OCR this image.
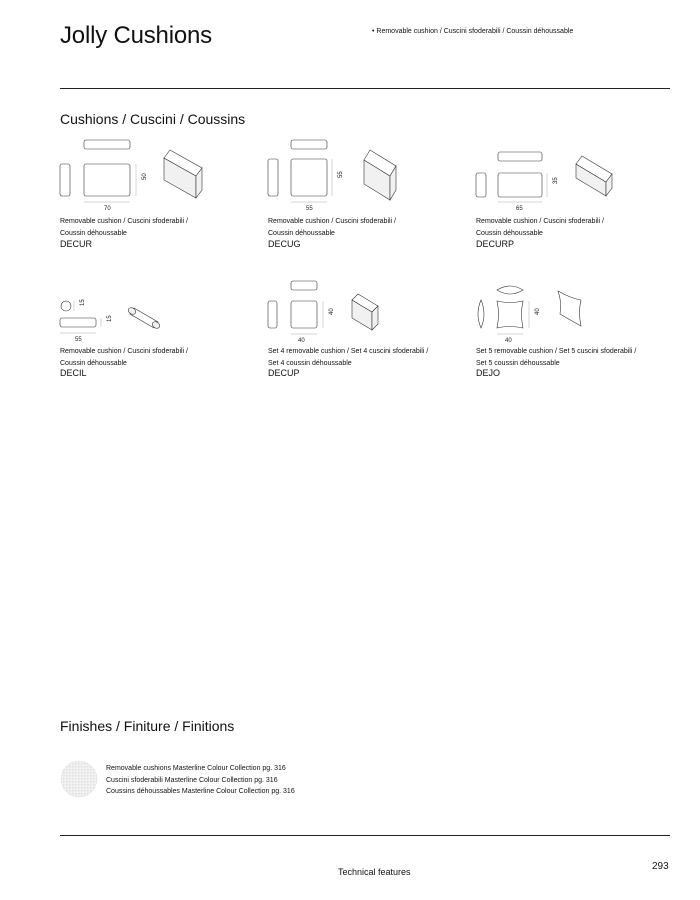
Jolly Cushions	• Removable cushion / Cuscini sfoderabili / Coussin déhoussable
Cushions / Cuscini / Coussins
50
70
Removable cushion / Cuscini sfoderabili /
Coussin déhoussable
DECUR
55
55
Removable cushion / Cuscini sfoderabili /
Coussin déhoussable
DECUG
35
65
Removable cushion / Cuscini sfoderabili /
Coussin déhoussable
DECURP
15
15
55
Removable cushion / Cuscini sfoderabili /
Coussin déhoussable
DECIL
40
40
Set 4 removable cushion / Set 4 cuscini sfoderabili /
Set 4 coussin déhoussable
DECUP
40
40
Set 5 removable cushion / Set 5 cuscini sfoderabili /
Set 5 coussin déhoussable
DEJO
Finishes / Finiture / Finitions
Removable cushions Masterline Colour Collection pg. 316
Cuscini sfoderabili Masterline Colour Collection pg. 316
Coussins déhoussables Masterline Colour Collection pg. 316
293
Technical features
